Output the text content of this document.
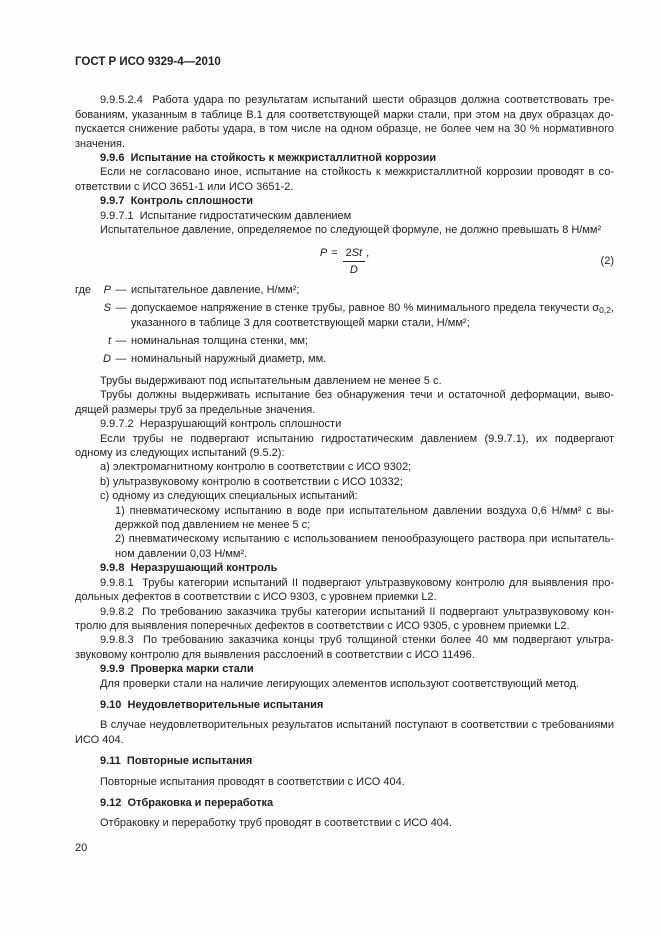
ГОСТ Р ИСО 9329-4—2010

9.9.5.2.4  Работа удара по результатам испытаний шести образцов должна соответствовать требованиям, указанным в таблице В.1 для соответствующей марки стали, при этом на двух образцах допускается снижение работы удара, в том числе на одном образце, не более чем на 30 % нормативного значения.

9.9.6  Испытание на стойкость к межкристаллитной коррозии

Если не согласовано иное, испытание на стойкость к межкристаллитной коррозии проводят в соответствии с ИСО 3651-1 или ИСО 3651-2.

9.9.7  Контроль сплошности

9.9.7.1  Испытание гидростатическим давлением

Испытательное давление, определяемое по следующей формуле, не должно превышать 8 Н/мм²

$P = \frac{2St}{D}$ ,
(2)
где	P — испытательное давление, Н/мм²;
S — допускаемое напряжение в стенке трубы, равное 80 % минимального предела текучести $\sigma_{0,2}$, указанного в таблице 3 для соответствующей марки стали, Н/мм²;
t — номинальная толщина стенки, мм;
D — номинальный наружный диаметр, мм.

Трубы выдерживают под испытательным давлением не менее 5 с.

Трубы должны выдерживать испытание без обнаружения течи и остаточной деформации, выводящей размеры труб за предельные значения.

9.9.7.2  Неразрушающий контроль сплошности

Если трубы не подвергают испытанию гидростатическим давлением (9.9.7.1), их подвергают одному из следующих испытаний (9.5.2):

a) электромагнитному контролю в соответствии с ИСО 9302;

b) ультразвуковому контролю в соответствии с ИСО 10332;

c) одному из следующих специальных испытаний:

1) пневматическому испытанию в воде при испытательном давлении воздуха 0,6 Н/мм² с выдержкой под давлением не менее 5 с;

2) пневматическому испытанию с использованием пенообразующего раствора при испытательном давлении 0,03 Н/мм².

9.9.8  Неразрушающий контроль

9.9.8.1  Трубы категории испытаний II подвергают ультразвуковому контролю для выявления продольных дефектов в соответствии с ИСО 9303, с уровнем приемки L2.

9.9.8.2  По требованию заказчика трубы категории испытаний II подвергают ультразвуковому контролю для выявления поперечных дефектов в соответствии с ИСО 9305, с уровнем приемки L2.

9.9.8.3  По требованию заказчика концы труб толщиной стенки более 40 мм подвергают ультразвуковому контролю для выявления расслоений в соответствии с ИСО 11496.

9.9.9  Проверка марки стали

Для проверки стали на наличие легирующих элементов используют соответствующий метод.

9.10  Неудовлетворительные испытания

В случае неудовлетворительных результатов испытаний поступают в соответствии с требованиями ИСО 404.

9.11  Повторные испытания

Повторные испытания проводят в соответствии с ИСО 404.

9.12  Отбраковка и переработка

Отбраковку и переработку труб проводят в соответствии с ИСО 404.

20
